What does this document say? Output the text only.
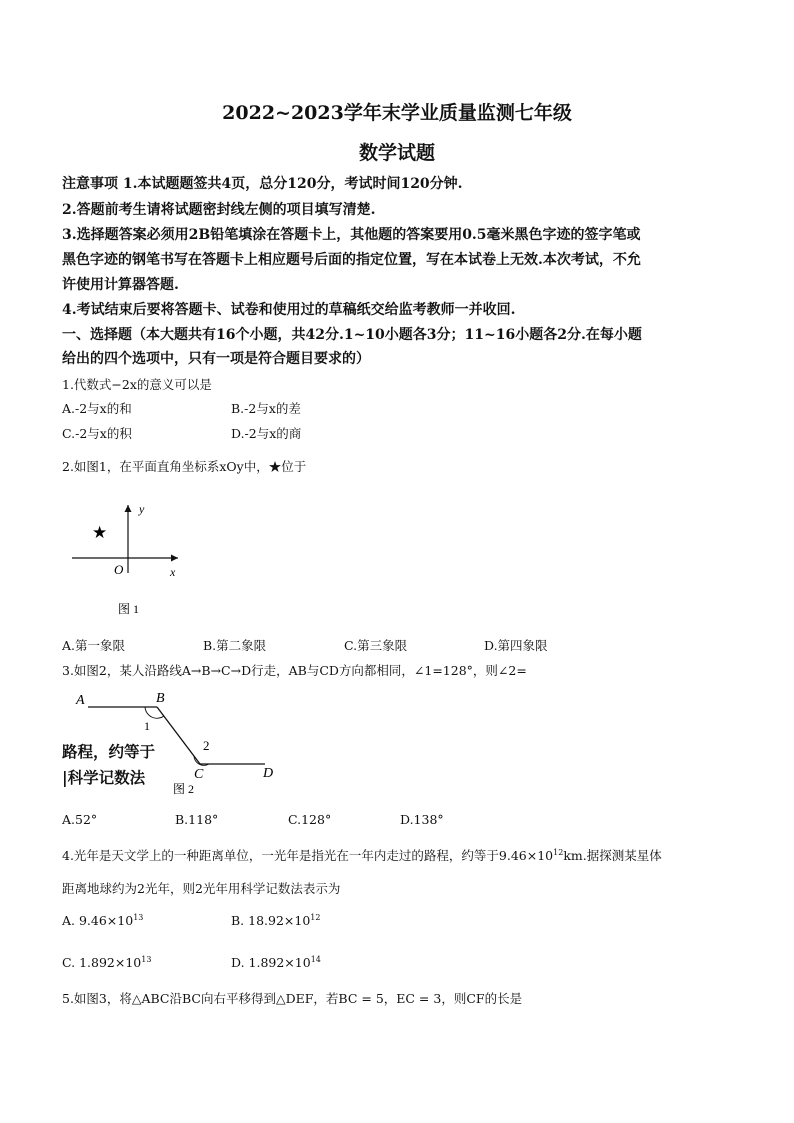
2022~2023学年末学业质量监测七年级
数学试题
注意事项 1.本试题题签共4页，总分120分，考试时间120分钟.
2.答题前考生请将试题密封线左侧的项目填写清楚.
3.选择题答案必须用2B铅笔填涂在答题卡上，其他题的答案要用0.5毫米黑色字迹的签字笔或
黑色字迹的钢笔书写在答题卡上相应题号后面的指定位置，写在本试卷上无效.本次考试，不允
许使用计算器答题.
4.考试结束后要将答题卡、试卷和使用过的草稿纸交给监考教师一并收回.
一、选择题（本大题共有16个小题，共42分.1~10小题各3分；11~16小题各2分.在每小题
给出的四个选项中，只有一项是符合题目要求的）
1.代数式−2x的意义可以是
A.-2与x的和	B.-2与x的差
C.-2与x的积	D.-2与x的商
2.如图1，在平面直角坐标系xOy中，★位于
y
x
O
★
图 1
A.第一象限	B.第二象限	C.第三象限	D.第四象限
3.如图2，某人沿路线A→B→C→D行走，AB与CD方向都相同，∠1=128°，则∠2=
A	B
C	D
1
2
图 2
路程，约等于
|科学记数法
A.52°	B.118°	C.128°	D.138°
4.光年是天文学上的一种距离单位，一光年是指光在一年内走过的路程，约等于$9.46\times 10^{12}km$.据探测某星体
距离地球约为2光年，则2光年用科学记数法表示为
A. $9.46\times 10^{13}$	B. $18.92\times 10^{12}$
C. $1.892\times 10^{13}$	D. $1.892\times 10^{14}$
5.如图3，将△ABC沿BC向右平移得到△DEF，若BC = 5，EC = 3，则CF的长是
